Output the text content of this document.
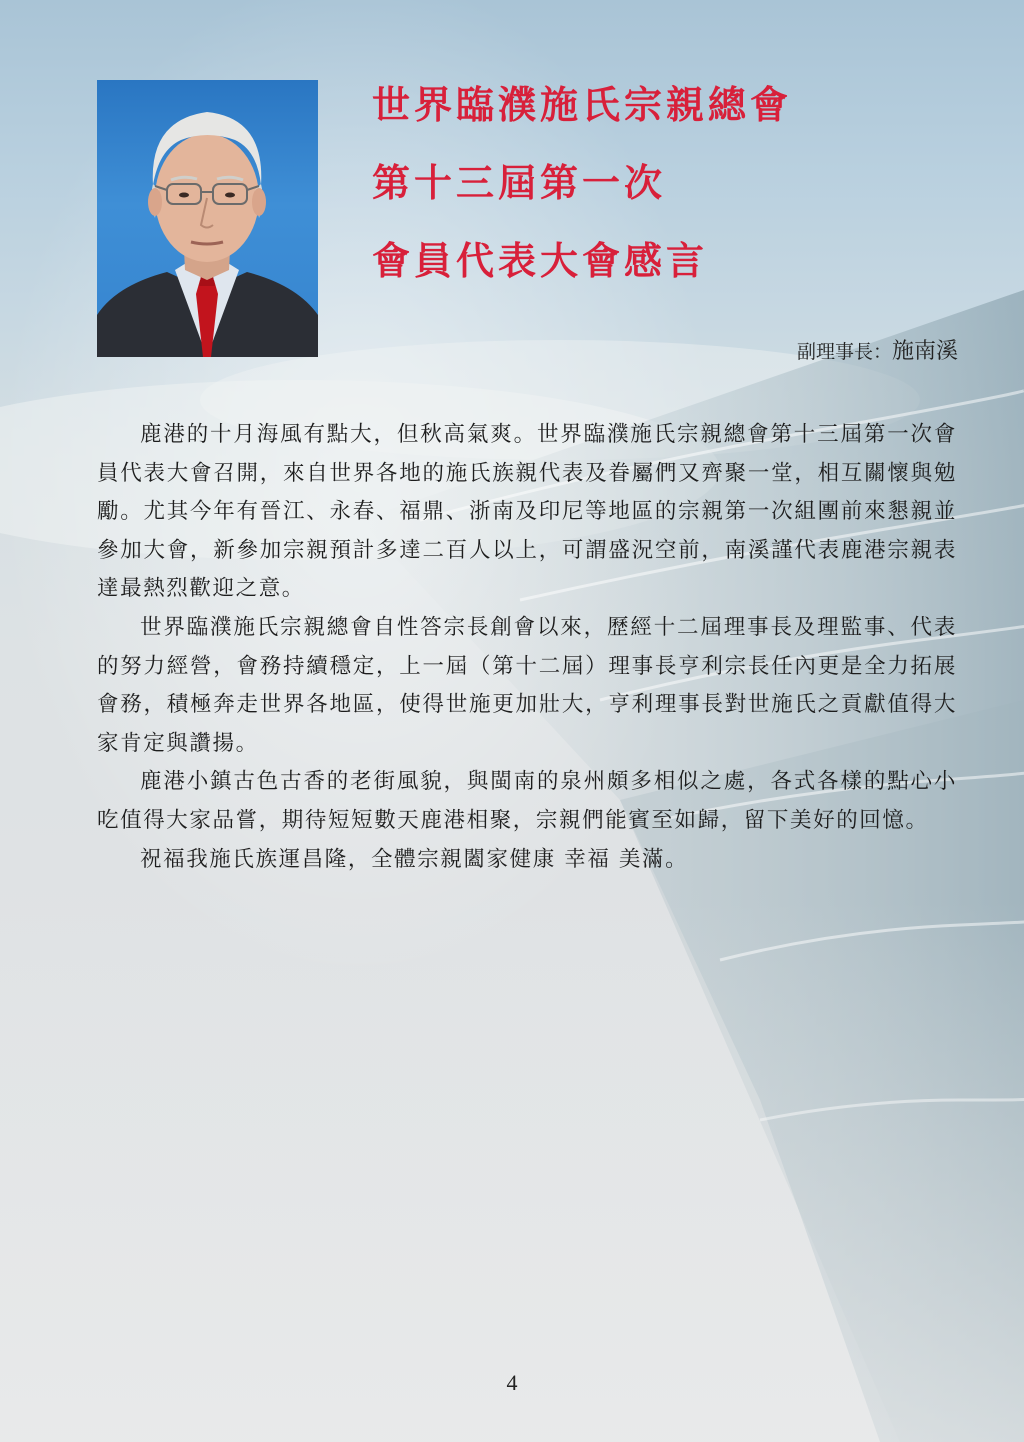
世界臨濮施氏宗親總會
第十三屆第一次
會員代表大會感言
副理事長：施南溪

鹿港的十月海風有點大，但秋高氣爽。世界臨濮施氏宗親總會第十三屆第一次會員代表大會召開，來自世界各地的施氏族親代表及眷屬們又齊聚一堂，相互關懷與勉勵。尤其今年有晉江、永春、福鼎、浙南及印尼等地區的宗親第一次組團前來懇親並參加大會，新參加宗親預計多達二百人以上，可謂盛況空前，南溪謹代表鹿港宗親表達最熱烈歡迎之意。

世界臨濮施氏宗親總會自性答宗長創會以來，歷經十二屆理事長及理監事、代表的努力經營，會務持續穩定，上一屆（第十二屆）理事長亨利宗長任內更是全力拓展會務，積極奔走世界各地區，使得世施更加壯大，亨利理事長對世施氏之貢獻值得大家肯定與讚揚。

鹿港小鎮古色古香的老街風貌，與閩南的泉州頗多相似之處，各式各樣的點心小吃值得大家品嘗，期待短短數天鹿港相聚，宗親們能賓至如歸，留下美好的回憶。

祝福我施氏族運昌隆，全體宗親闔家健康 幸福 美滿。

4
